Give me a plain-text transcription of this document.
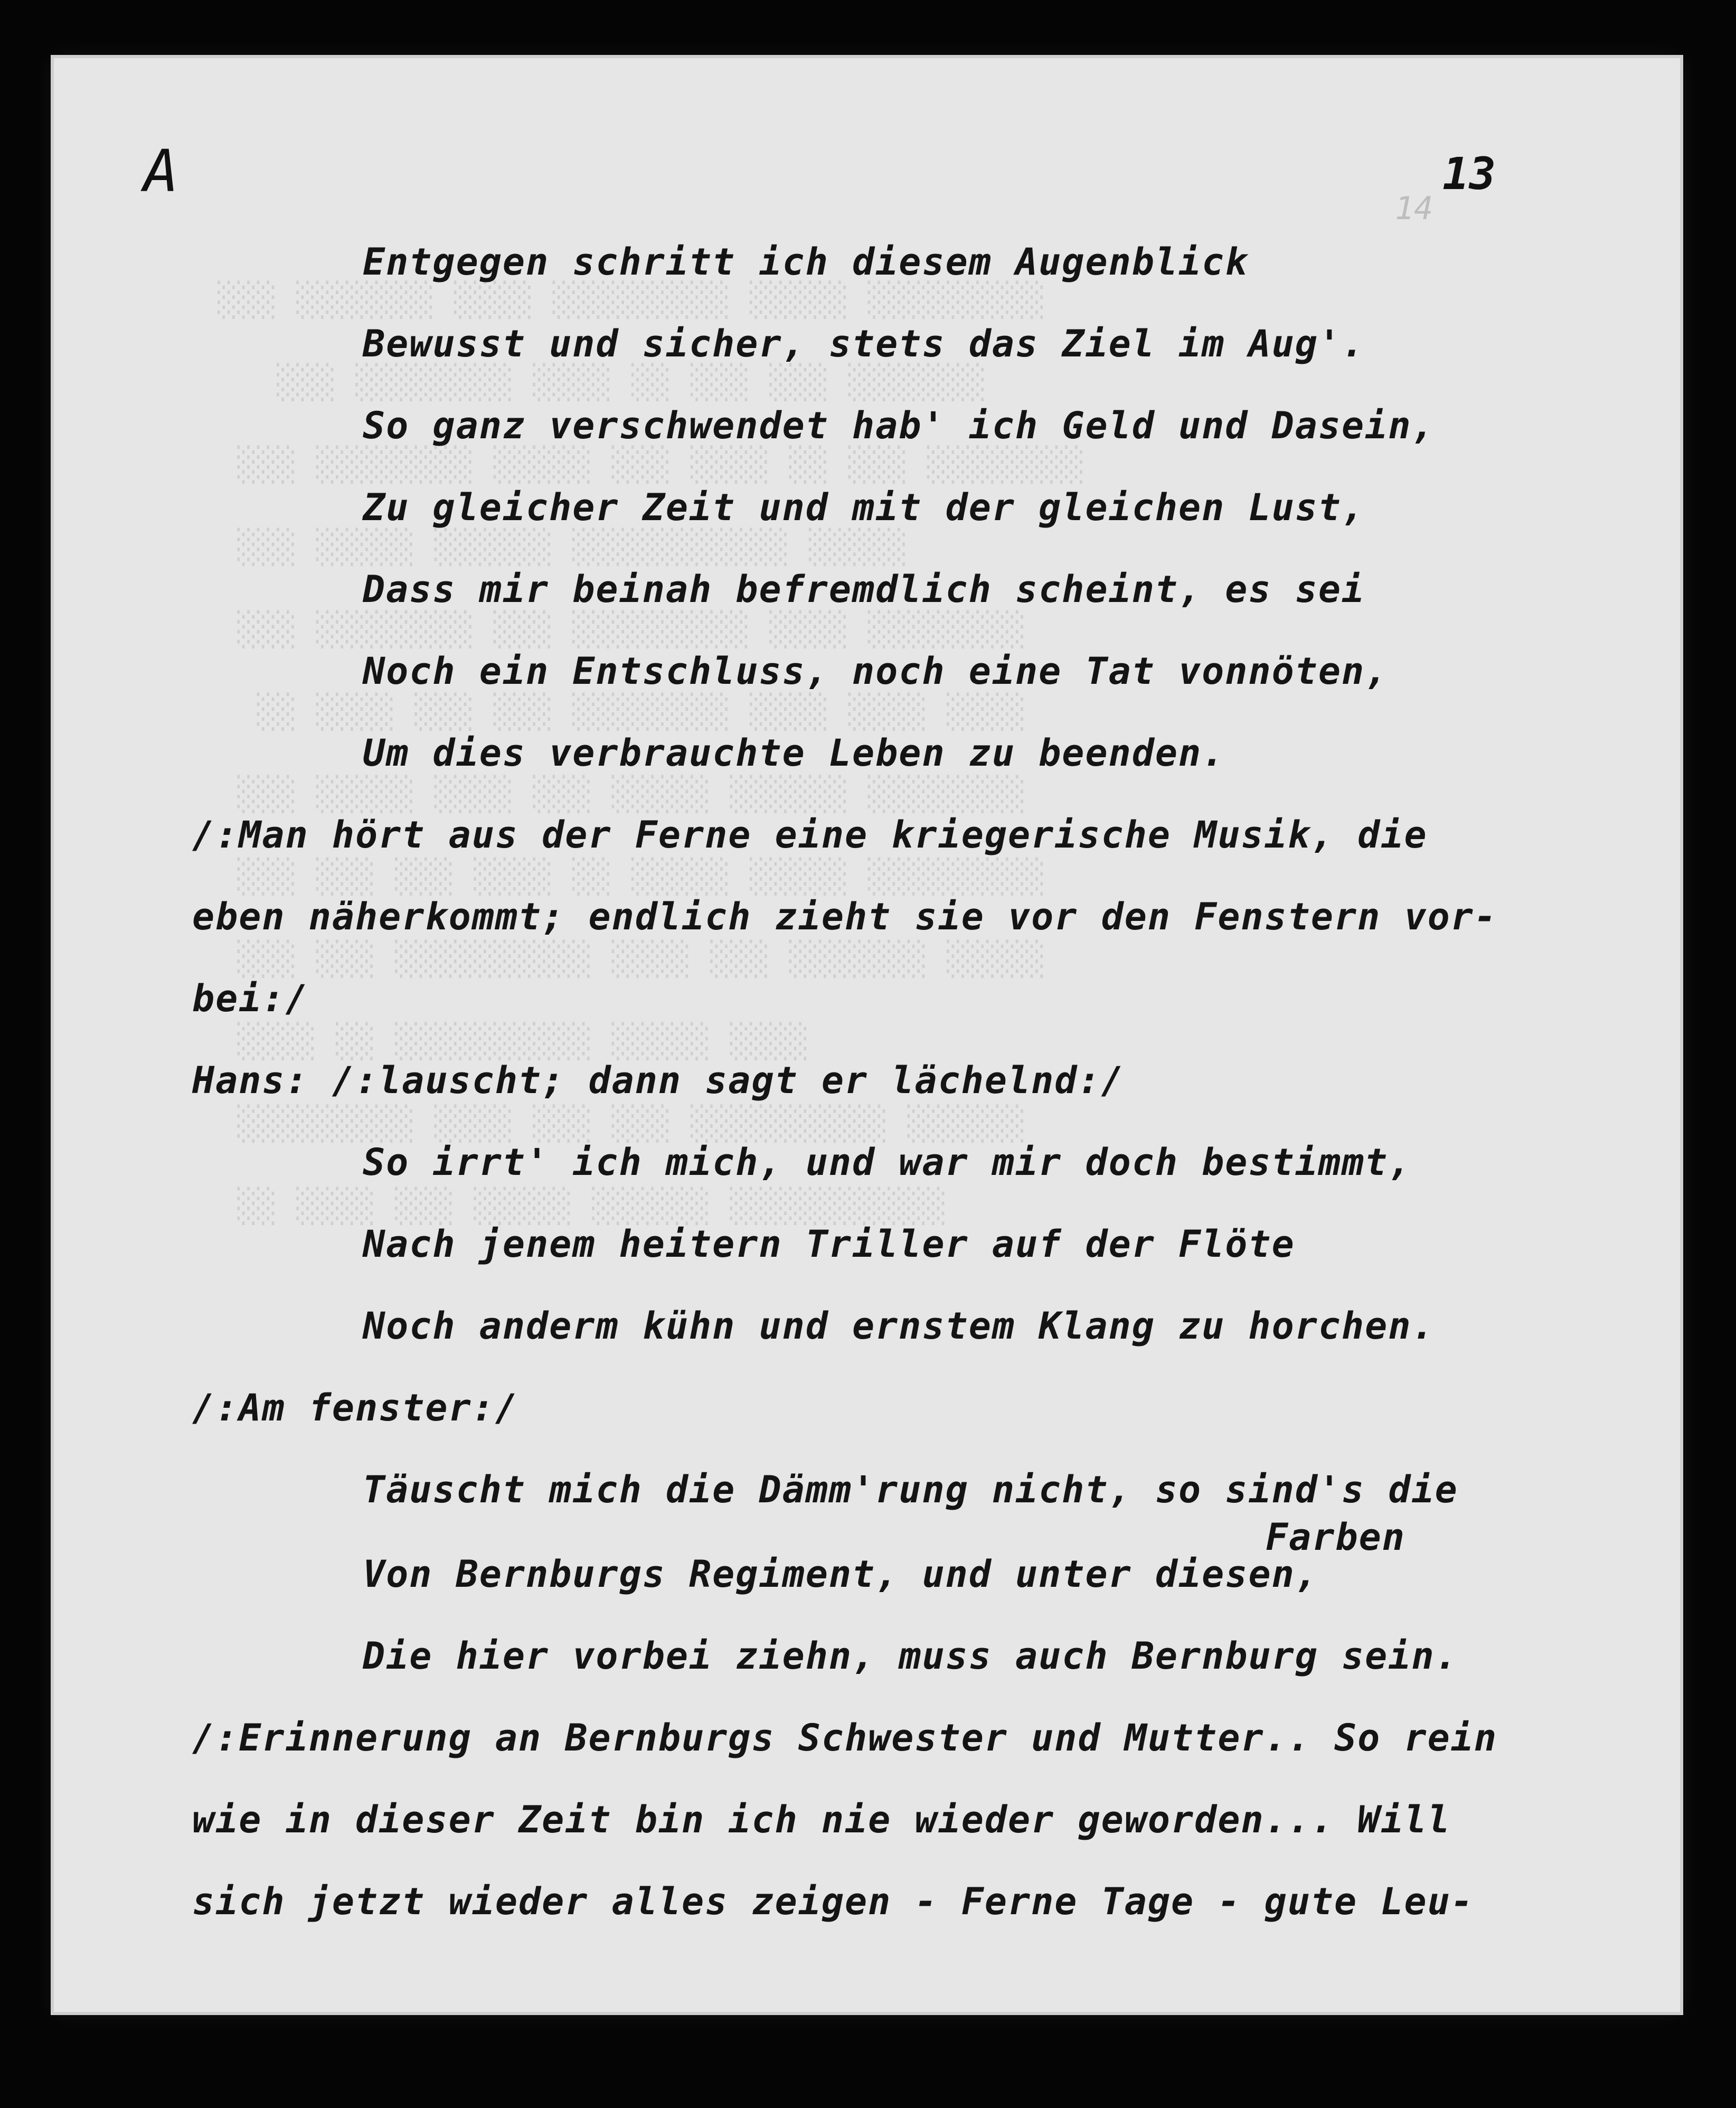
14
░░░ ░░░░░░░ ░░░░ ░░░░░░░░░ ░░░░░ ░░░░░░░░░
░░░ ░░░░░░░░ ░░░░ ░░ ░░░ ░░░ ░░░░░░░
░░░ ░░░░░░░░ ░░░░░ ░░░ ░░░░ ░░ ░░░ ░░░░░░░░
░░░ ░░░░░ ░░░░░░ ░░░░░░░░░░░ ░░░░░
░░░ ░░░░░░░░ ░░░ ░░░░░░░░░ ░░░░ ░░░░░░░░
░░ ░░░░ ░░░ ░░░ ░░░░░░░░ ░░░░ ░░░░ ░░░░
░░░ ░░░░░ ░░░░ ░░░ ░░░░░ ░░░░░░ ░░░░░░░░
░░░ ░░░ ░░░ ░░░░ ░░ ░░░░░ ░░░░░ ░░░░░░░░░
░░░ ░░░ ░░░░░░░░░░ ░░░░ ░░░ ░░░░░░░ ░░░░░
░░░░ ░░ ░░░░░░░░░░ ░░░░░ ░░░░
░░░░░░░░░ ░░░░ ░░░ ░░░ ░░░░░░░░░░ ░░░░░░
░░ ░░░░ ░░░ ░░░░░ ░░░░░░ ░░░░░░░░░░░
A	13
Entgegen schritt ich diesem Augenblick
Bewusst und sicher, stets das Ziel im Aug'.
So ganz verschwendet hab' ich Geld und Dasein,
Zu gleicher Zeit und mit der gleichen Lust,
Dass mir beinah befremdlich scheint, es sei
Noch ein Entschluss, noch eine Tat vonnöten,
Um dies verbrauchte Leben zu beenden.
/:Man hört aus der Ferne eine kriegerische Musik, die
eben näherkommt; endlich zieht sie vor den Fenstern vor-
bei:/
Hans: /:lauscht; dann sagt er lächelnd:/
So irrt' ich mich, und war mir doch bestimmt,
Nach jenem heitern Triller auf der Flöte
Noch anderm kühn und ernstem Klang zu horchen.
/:Am fenster:/
Täuscht mich die Dämm'rung nicht, so sind's die
Farben
Von Bernburgs Regiment, und unter diesen,
Die hier vorbei ziehn, muss auch Bernburg sein.
/:Erinnerung an Bernburgs Schwester und Mutter.. So rein
wie in dieser Zeit bin ich nie wieder geworden... Will
sich jetzt wieder alles zeigen - Ferne Tage - gute Leu-
